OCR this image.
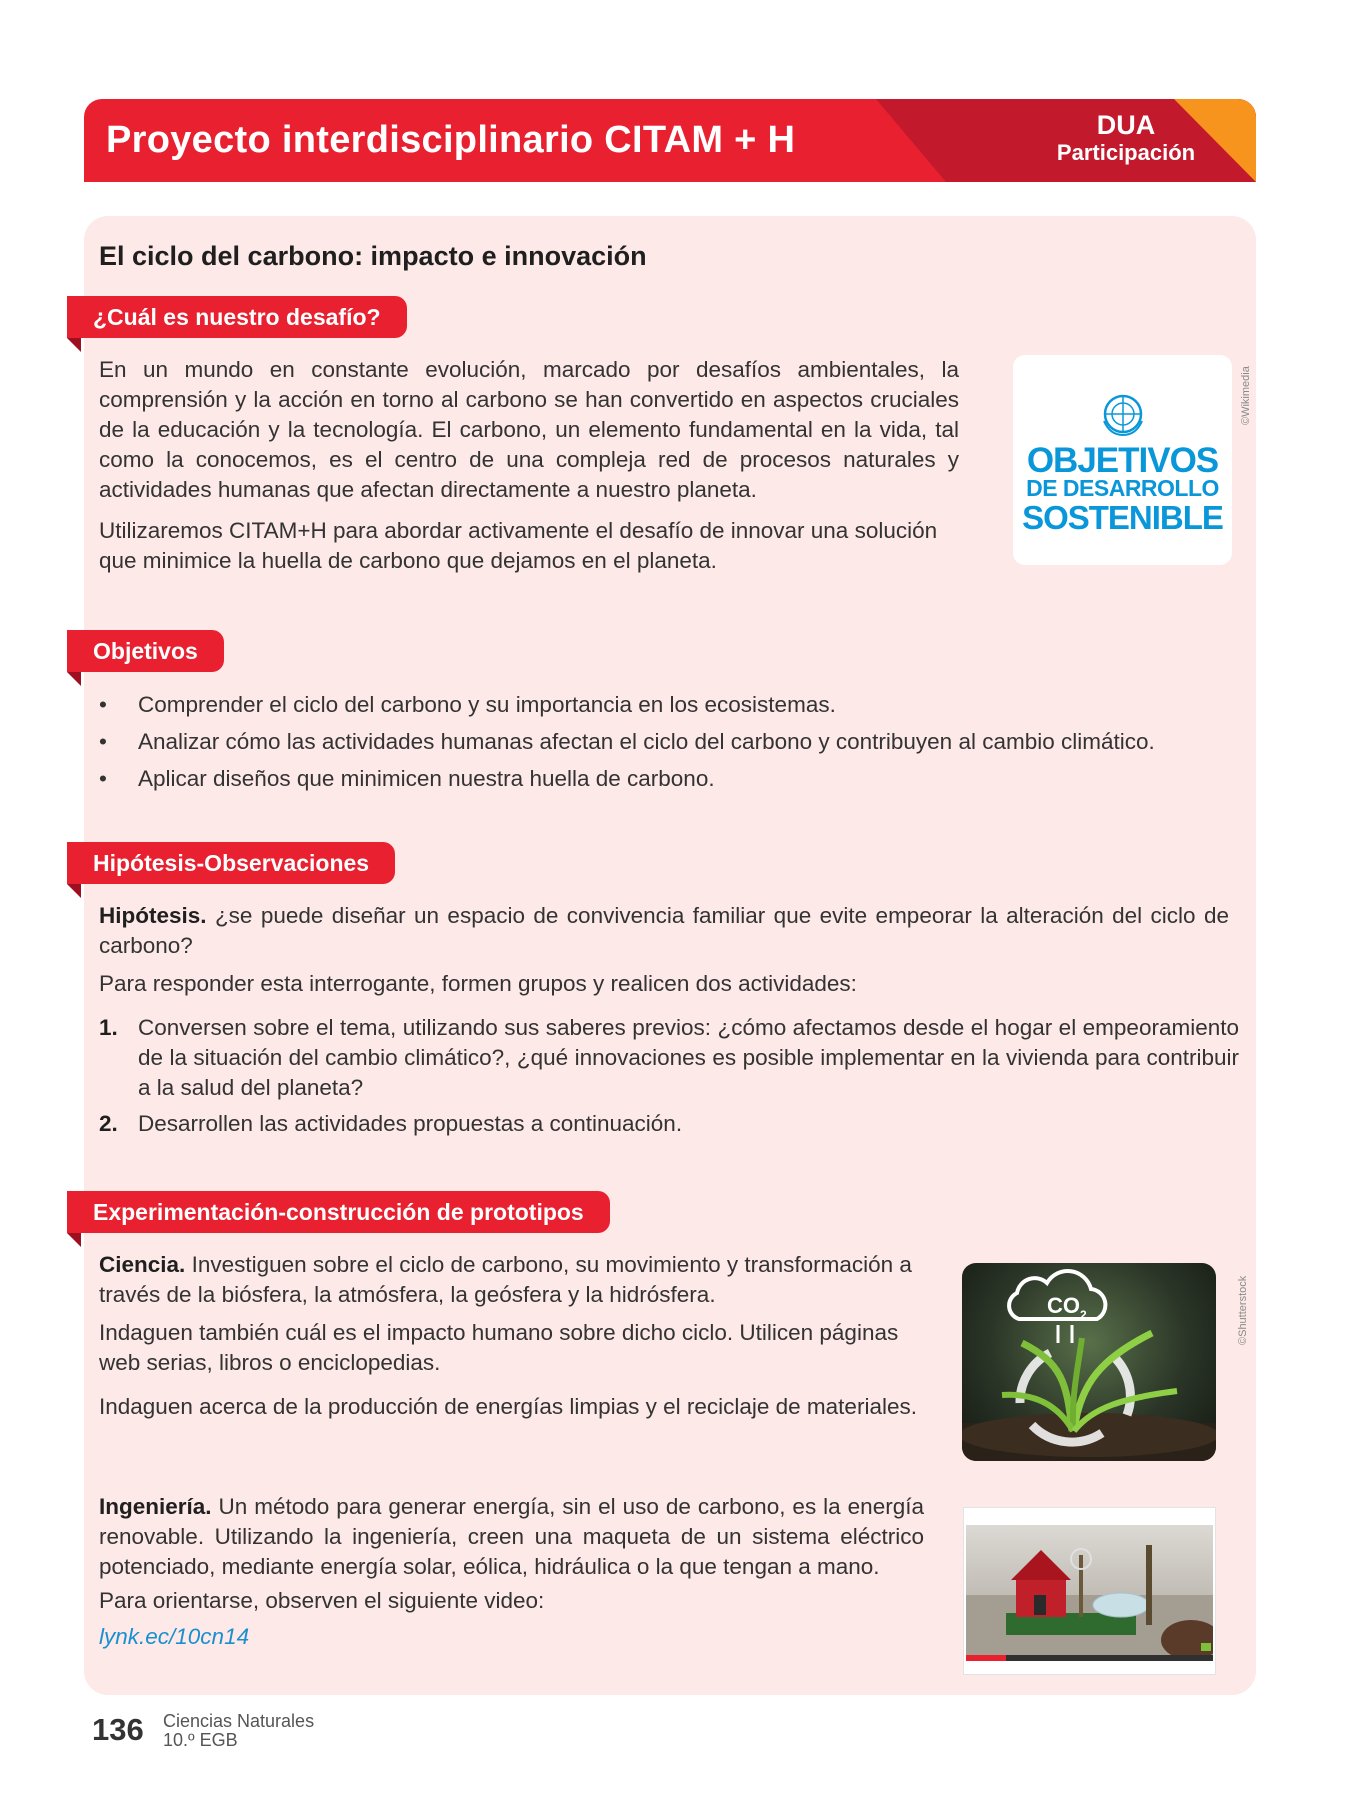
Proyecto interdisciplinario CITAM + H	DUA
Participación
El ciclo del carbono: impacto e innovación
¿Cuál es nuestro desafío?

En un mundo en constante evolución, marcado por desafíos ambientales, la comprensión y la acción en torno al carbono se han convertido en aspectos cruciales de la educación y la tecnología. El carbono, un elemento fundamental en la vida, tal como la conocemos, es el centro de una compleja red de procesos naturales y actividades humanas que afectan directamente a nuestro planeta.

Utilizaremos CITAM+H para abordar activamente el desafío de innovar una solución que minimice la huella de carbono que dejamos en el planeta.

OBJETIVOS
DE DESARROLLO
SOSTENIBLE
©Wikimedia
Objetivos
• Comprender el ciclo del carbono y su importancia en los ecosistemas.
• Analizar cómo las actividades humanas afectan el ciclo del carbono y contribuyen al cambio climático.
• Aplicar diseños que minimicen nuestra huella de carbono.
Hipótesis-Observaciones

Hipótesis. ¿se puede diseñar un espacio de convivencia familiar que evite empeorar la alteración del ciclo de carbono?

Para responder esta interrogante, formen grupos y realicen dos actividades:

1. Conversen sobre el tema, utilizando sus saberes previos: ¿cómo afectamos desde el hogar el empeoramiento de la situación del cambio climático?, ¿qué innovaciones es posible implementar en la vivienda para contribuir a la salud del planeta?
2. Desarrollen las actividades propuestas a continuación.
Experimentación-construcción de prototipos

Ciencia. Investiguen sobre el ciclo de carbono, su movimiento y transformación a través de la biósfera, la atmósfera, la geósfera y la hidrósfera.

Indaguen también cuál es el impacto humano sobre dicho ciclo. Utilicen páginas web serias, libros o enciclopedias.

Indaguen acerca de la producción de energías limpias y el reciclaje de materiales.

CO 2	©Shutterstock

Ingeniería. Un método para generar energía, sin el uso de carbono, es la energía renovable. Utilizando la ingeniería, creen una maqueta de un sistema eléctrico potenciado, mediante energía solar, eólica, hidráulica o la que tengan a mano.

Para orientarse, observen el siguiente video:

lynk.ec/10cn14
136 Ciencias Naturales
10.º EGB
